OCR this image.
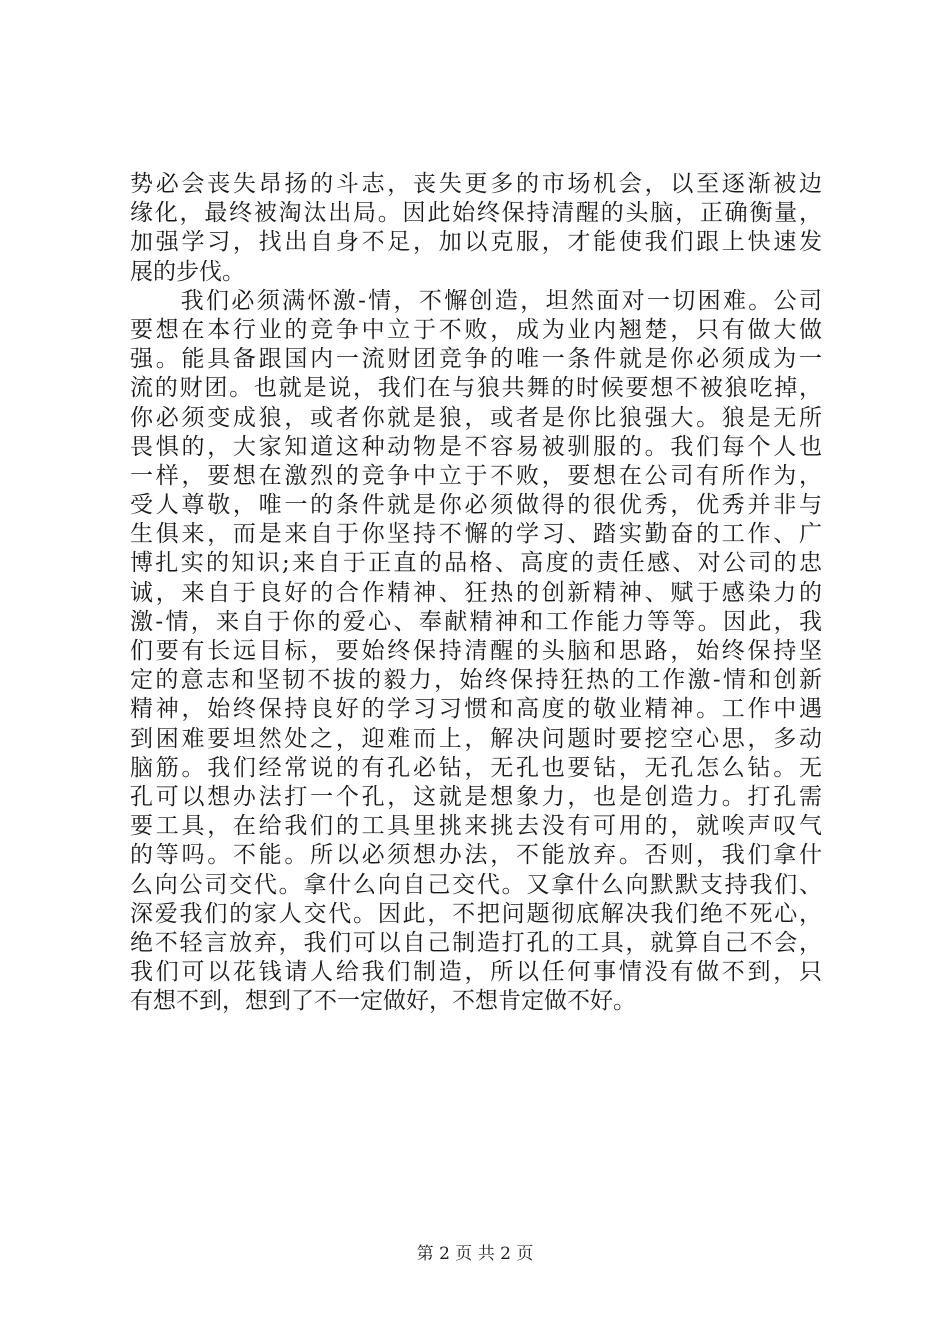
势必会丧失昂扬的斗志，丧失更多的市场机会，以至逐渐被边
缘化，最终被淘汰出局。因此始终保持清醒的头脑，正确衡量，
加强学习，找出自身不足，加以克服，才能使我们跟上快速发
展的步伐。
　　我们必须满怀激-情，不懈创造，坦然面对一切困难。公司
要想在本行业的竞争中立于不败，成为业内翘楚，只有做大做
强。能具备跟国内一流财团竞争的唯一条件就是你必须成为一
流的财团。也就是说，我们在与狼共舞的时候要想不被狼吃掉，
你必须变成狼，或者你就是狼，或者是你比狼强大。狼是无所
畏惧的，大家知道这种动物是不容易被驯服的。我们每个人也
一样，要想在激烈的竞争中立于不败，要想在公司有所作为，
受人尊敬，唯一的条件就是你必须做得的很优秀，优秀并非与
生俱来，而是来自于你坚持不懈的学习、踏实勤奋的工作、广
博扎实的知识;来自于正直的品格、高度的责任感、对公司的忠
诚，来自于良好的合作精神、狂热的创新精神、赋于感染力的
激-情，来自于你的爱心、奉献精神和工作能力等等。因此，我
们要有长远目标，要始终保持清醒的头脑和思路，始终保持坚
定的意志和坚韧不拔的毅力，始终保持狂热的工作激-情和创新
精神，始终保持良好的学习习惯和高度的敬业精神。工作中遇
到困难要坦然处之，迎难而上，解决问题时要挖空心思，多动
脑筋。我们经常说的有孔必钻，无孔也要钻，无孔怎么钻。无
孔可以想办法打一个孔，这就是想象力，也是创造力。打孔需
要工具，在给我们的工具里挑来挑去没有可用的，就唉声叹气
的等吗。不能。所以必须想办法，不能放弃。否则，我们拿什
么向公司交代。拿什么向自己交代。又拿什么向默默支持我们、
深爱我们的家人交代。因此，不把问题彻底解决我们绝不死心，
绝不轻言放弃，我们可以自己制造打孔的工具，就算自己不会，
我们可以花钱请人给我们制造，所以任何事情没有做不到，只
有想不到，想到了不一定做好，不想肯定做不好。
第 2 页 共 2 页
